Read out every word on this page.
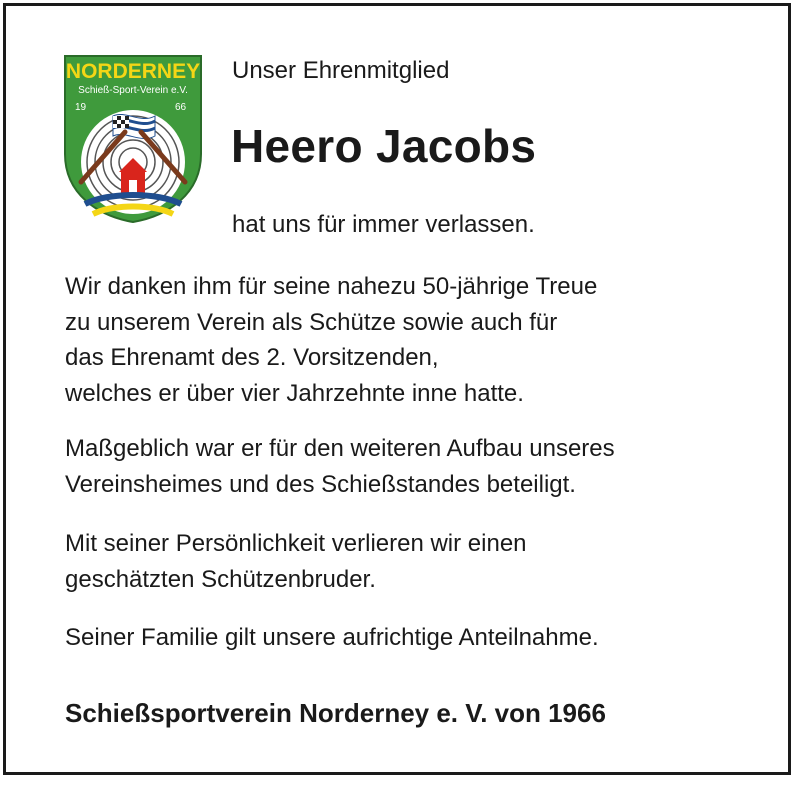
NORDERNEY
Schieß-Sport-Verein e.V.
19	66
Unser Ehrenmitglied
Heero Jacobs
hat uns für immer verlassen.
Wir danken ihm für seine nahezu 50-jährige Treue
zu unserem Verein als Schütze sowie auch für
das Ehrenamt des 2. Vorsitzenden,
welches er über vier Jahrzehnte inne hatte.
Maßgeblich war er für den weiteren Aufbau unseres
Vereinsheimes und des Schießstandes beteiligt.
Mit seiner Persönlichkeit verlieren wir einen
geschätzten Schützenbruder.
Seiner Familie gilt unsere aufrichtige Anteilnahme.
Schießsportverein Norderney e. V. von 1966
